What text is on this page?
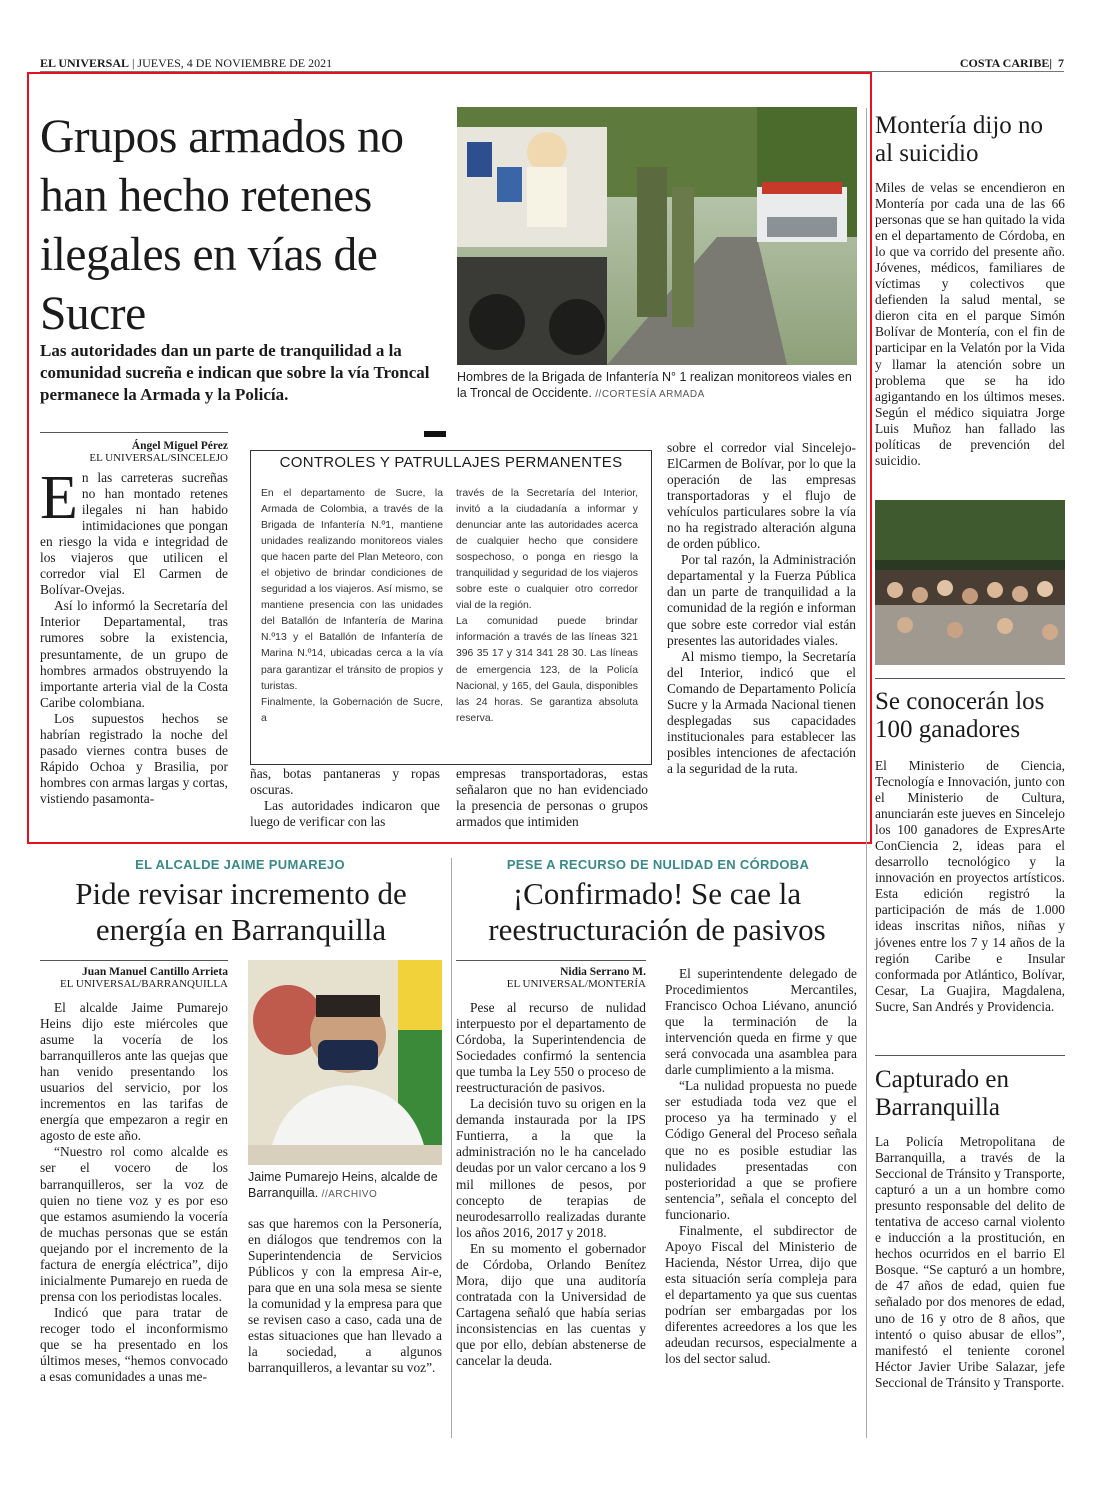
EL UNIVERSAL | JUEVES, 4 DE NOVIEMBRE DE 2021	COSTA CARIBE| 7
Grupos armados no han hecho retenes ilegales en vías de Sucre
Las autoridades dan un parte de tranquilidad a la comunidad sucreña e indican que sobre la vía Troncal permanece la Armada y la Policía.
Hombres de la Brigada de Infantería N° 1 realizan monitoreos viales en la Troncal de Occidente. //CORTESÍA ARMADA
Ángel Miguel Pérez
EL UNIVERSAL/SINCELEJO

En las carreteras sucreñas no han montado retenes ilegales ni han habido intimidaciones que pongan en riesgo la vida e integridad de los viajeros que utilicen el corredor vial El Carmen de Bolívar-Ovejas.

Así lo informó la Secretaría del Interior Departamental, tras rumores sobre la existencia, presuntamente, de un grupo de hombres armados obstruyendo la importante arteria vial de la Costa Caribe colombiana.

Los supuestos hechos se habrían registrado la noche del pasado viernes contra buses de Rápido Ochoa y Brasilia, por hombres con armas largas y cortas, vistiendo pasamonta-

CONTROLES Y PATRULLAJES PERMANENTES
En el departamento de Sucre, la Armada de Colombia, a través de la Brigada de Infantería N.º1, mantiene unidades realizando monitoreos viales que hacen parte del Plan Meteoro, con el objetivo de brindar condiciones de seguridad a los viajeros. Así mismo, se mantiene presencia con las unidades del Batallón de Infantería de Marina N.º13 y el Batallón de Infantería de Marina N.º14, ubicadas cerca a la vía para garantizar el tránsito de propios y turistas.
Finalmente, la Gobernación de Sucre, a
través de la Secretaría del Interior, invitó a la ciudadanía a informar y denunciar ante las autoridades acerca de cualquier hecho que considere sospechoso, o ponga en riesgo la tranquilidad y seguridad de los viajeros sobre este o cualquier otro corredor vial de la región.
La comunidad puede brindar información a través de las líneas 321 396 35 17 y 314 341 28 30. Las líneas de emergencia 123, de la Policía Nacional, y 165, del Gaula, disponibles las 24 horas. Se garantiza absoluta reserva.

ñas, botas pantaneras y ropas oscuras.

Las autoridades indicaron que luego de verificar con las

empresas transportadoras, estas señalaron que no han evidenciado la presencia de personas o grupos armados que intimiden

sobre el corredor vial Sincelejo-ElCarmen de Bolívar, por lo que la operación de las empresas transportadoras y el flujo de vehículos particulares sobre la vía no ha registrado alteración alguna de orden público.

Por tal razón, la Administración departamental y la Fuerza Pública dan un parte de tranquilidad a la comunidad de la región e informan que sobre este corredor vial están presentes las autoridades viales.

Al mismo tiempo, la Secretaría del Interior, indicó que el Comando de Departamento Policía Sucre y la Armada Nacional tienen desplegadas sus capacidades institucionales para establecer las posibles intenciones de afectación a la seguridad de la ruta.

Montería dijo no al suicidio
Miles de velas se encendieron en Montería por cada una de las 66 personas que se han quitado la vida en el departamento de Córdoba, en lo que va corrido del presente año. Jóvenes, médicos, familiares de víctimas y colectivos que defienden la salud mental, se dieron cita en el parque Simón Bolívar de Montería, con el fin de participar en la Velatón por la Vida y llamar la atención sobre un problema que se ha ido agigantando en los últimos meses. Según el médico siquiatra Jorge Luis Muñoz han fallado las políticas de prevención del suicidio.
Se conocerán los 100 ganadores
El Ministerio de Ciencia, Tecnología e Innovación, junto con el Ministerio de Cultura, anunciarán este jueves en Sincelejo los 100 ganadores de ExpresArte ConCiencia 2, ideas para el desarrollo tecnológico y la innovación en proyectos artísticos. Esta edición registró la participación de más de 1.000 ideas inscritas niños, niñas y jóvenes entre los 7 y 14 años de la región Caribe e Insular conformada por Atlántico, Bolívar, Cesar, La Guajira, Magdalena, Sucre, San Andrés y Providencia.
Capturado en Barranquilla
La Policía Metropolitana de Barranquilla, a través de la Seccional de Tránsito y Transporte, capturó a un a un hombre como presunto responsable del delito de tentativa de acceso carnal violento e inducción a la prostitución, en hechos ocurridos en el barrio El Bosque. “Se capturó a un hombre, de 47 años de edad, quien fue señalado por dos menores de edad, uno de 16 y otro de 8 años, que intentó o quiso abusar de ellos”, manifestó el teniente coronel Héctor Javier Uribe Salazar, jefe Seccional de Tránsito y Transporte.
EL ALCALDE JAIME PUMAREJO
Pide revisar incremento de energía en Barranquilla
Juan Manuel Cantillo Arrieta
EL UNIVERSAL/BARRANQUILLA

El alcalde Jaime Pumarejo Heins dijo este miércoles que asume la vocería de los barranquilleros ante las quejas que han venido presentando los usuarios del servicio, por los incrementos en las tarifas de energía que empezaron a regir en agosto de este año.

“Nuestro rol como alcalde es ser el vocero de los barranquilleros, ser la voz de quien no tiene voz y es por eso que estamos asumiendo la vocería de muchas personas que se están quejando por el incremento de la factura de energía eléctrica”, dijo inicialmente Pumarejo en rueda de prensa con los periodistas locales.

Indicó que para tratar de recoger todo el inconformismo que se ha presentado en los últimos meses, “hemos convocado a esas comunidades a unas me-

Jaime Pumarejo Heins, alcalde de Barranquilla. //ARCHIVO

sas que haremos con la Personería, en diálogos que tendremos con la Superintendencia de Servicios Públicos y con la empresa Air-e, para que en una sola mesa se siente la comunidad y la empresa para que se revisen caso a caso, cada una de estas situaciones que han llevado a la sociedad, a algunos barranquilleros, a levantar su voz”.

PESE A RECURSO DE NULIDAD EN CÓRDOBA
¡Confirmado! Se cae la reestructuración de pasivos
Nidia Serrano M.
EL UNIVERSAL/MONTERÍA

Pese al recurso de nulidad interpuesto por el departamento de Córdoba, la Superintendencia de Sociedades confirmó la sentencia que tumba la Ley 550 o proceso de reestructuración de pasivos.

La decisión tuvo su origen en la demanda instaurada por la IPS Funtierra, a la que la administración no le ha cancelado deudas por un valor cercano a los 9 mil millones de pesos, por concepto de terapias de neurodesarrollo realizadas durante los años 2016, 2017 y 2018.

En su momento el gobernador de Córdoba, Orlando Benítez Mora, dijo que una auditoría contratada con la Universidad de Cartagena señaló que había serias inconsistencias en las cuentas y que por ello, debían abstenerse de cancelar la deuda.

El superintendente delegado de Procedimientos Mercantiles, Francisco Ochoa Liévano, anunció que la terminación de la intervención queda en firme y que será convocada una asamblea para darle cumplimiento a la misma.

“La nulidad propuesta no puede ser estudiada toda vez que el proceso ya ha terminado y el Código General del Proceso señala que no es posible estudiar las nulidades presentadas con posterioridad a que se profiere sentencia”, señala el concepto del funcionario.

Finalmente, el subdirector de Apoyo Fiscal del Ministerio de Hacienda, Néstor Urrea, dijo que esta situación sería compleja para el departamento ya que sus cuentas podrían ser embargadas por los diferentes acreedores a los que les adeudan recursos, especialmente a los del sector salud.
